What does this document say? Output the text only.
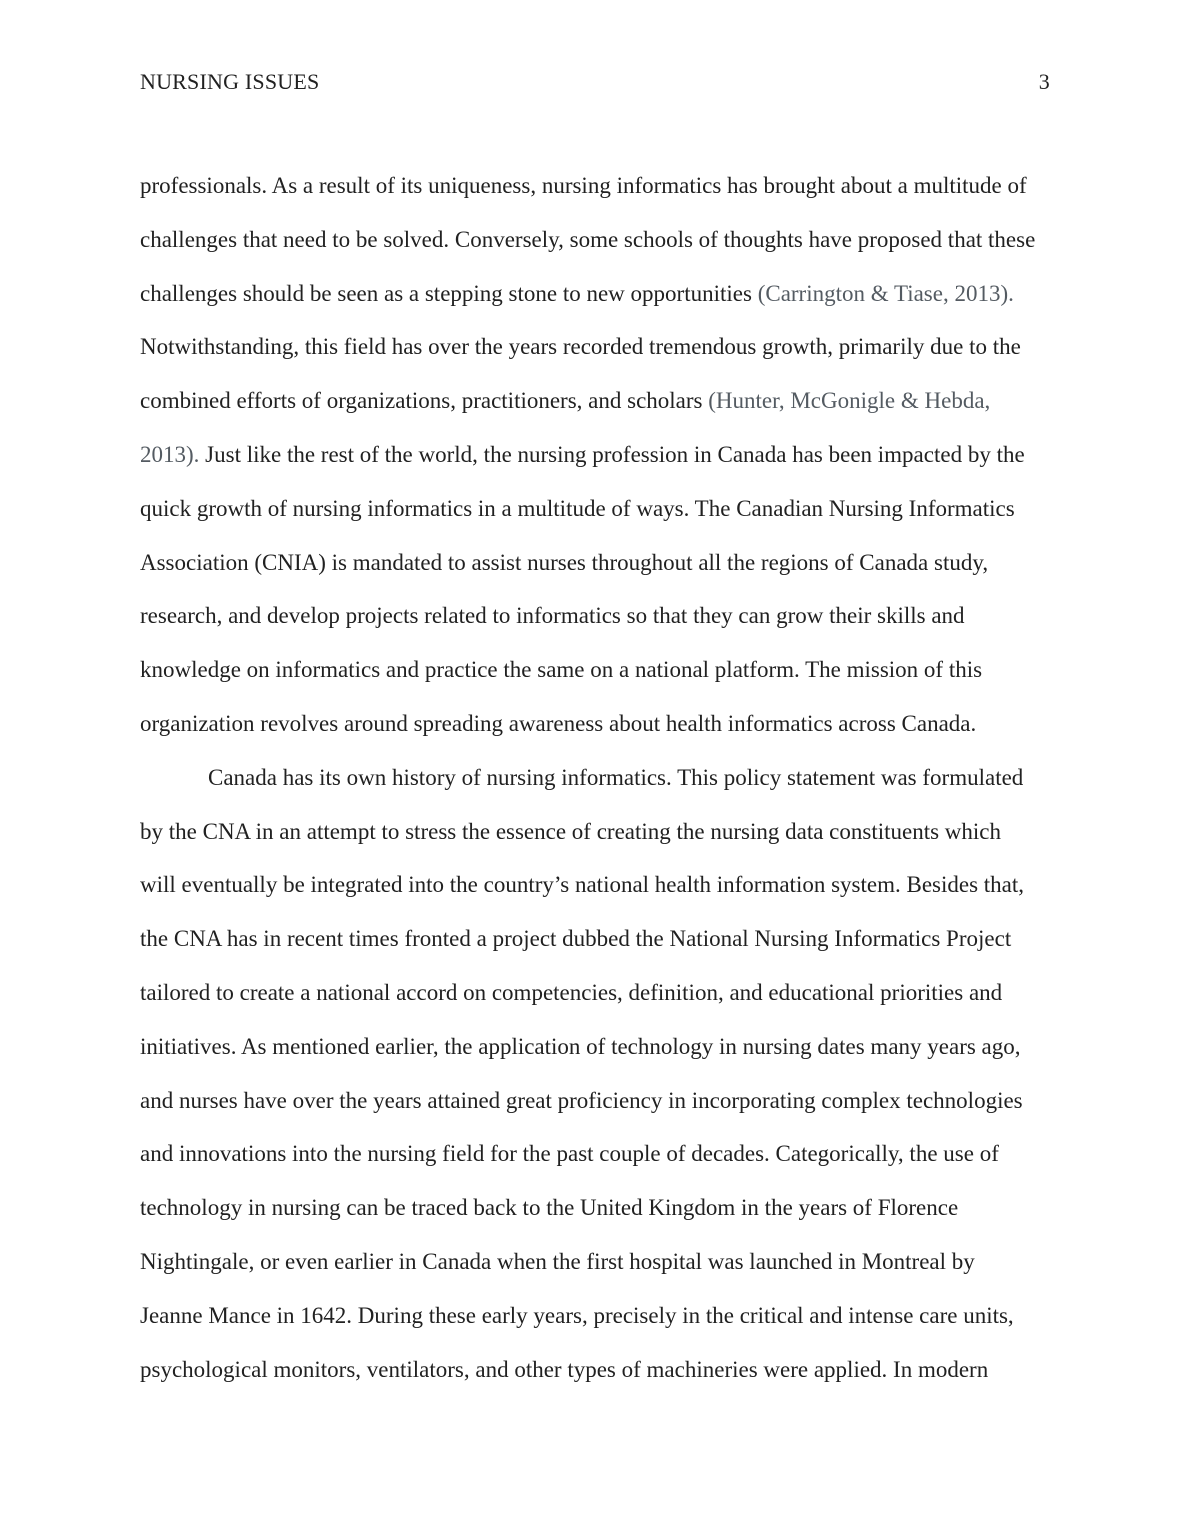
NURSING ISSUES	3
professionals. As a result of its uniqueness, nursing informatics has brought about a multitude of
challenges that need to be solved. Conversely, some schools of thoughts have proposed that these
challenges should be seen as a stepping stone to new opportunities (Carrington & Tiase, 2013).
Notwithstanding, this field has over the years recorded tremendous growth, primarily due to the
combined efforts of organizations, practitioners, and scholars (Hunter, McGonigle & Hebda,
2013). Just like the rest of the world, the nursing profession in Canada has been impacted by the
quick growth of nursing informatics in a multitude of ways. The Canadian Nursing Informatics
Association (CNIA) is mandated to assist nurses throughout all the regions of Canada study,
research, and develop projects related to informatics so that they can grow their skills and
knowledge on informatics and practice the same on a national platform. The mission of this
organization revolves around spreading awareness about health informatics across Canada.
Canada has its own history of nursing informatics. This policy statement was formulated
by the CNA in an attempt to stress the essence of creating the nursing data constituents which
will eventually be integrated into the country’s national health information system. Besides that,
the CNA has in recent times fronted a project dubbed the National Nursing Informatics Project
tailored to create a national accord on competencies, definition, and educational priorities and
initiatives. As mentioned earlier, the application of technology in nursing dates many years ago,
and nurses have over the years attained great proficiency in incorporating complex technologies
and innovations into the nursing field for the past couple of decades. Categorically, the use of
technology in nursing can be traced back to the United Kingdom in the years of Florence
Nightingale, or even earlier in Canada when the first hospital was launched in Montreal by
Jeanne Mance in 1642. During these early years, precisely in the critical and intense care units,
psychological monitors, ventilators, and other types of machineries were applied. In modern
